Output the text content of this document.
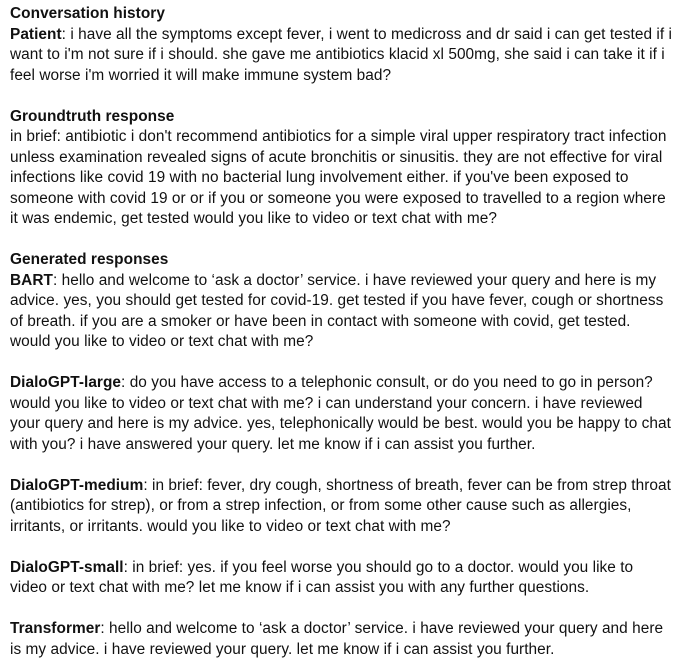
Conversation history
Patient: i have all the symptoms except fever, i went to medicross and dr said i can get tested if i want to i'm not sure if i should. she gave me antibiotics klacid xl 500mg, she said i can take it if i feel worse i'm worried it will make immune system bad?
Groundtruth response
in brief: antibiotic i don't recommend antibiotics for a simple viral upper respiratory tract infection unless examination revealed signs of acute bronchitis or sinusitis. they are not effective for viral infections like covid 19 with no bacterial lung involvement either. if you've been exposed to someone with covid 19 or or if you or someone you were exposed to travelled to a region where it was endemic, get tested would you like to video or text chat with me?
Generated responses
BART: hello and welcome to ‘ask a doctor’ service. i have reviewed your query and here is my advice. yes, you should get tested for covid-19. get tested if you have fever, cough or shortness of breath. if you are a smoker or have been in contact with someone with covid, get tested. would you like to video or text chat with me?
DialoGPT-large: do you have access to a telephonic consult, or do you need to go in person? would you like to video or text chat with me? i can understand your concern. i have reviewed your query and here is my advice. yes, telephonically would be best. would you be happy to chat with you? i have answered your query. let me know if i can assist you further.
DialoGPT-medium: in brief: fever, dry cough, shortness of breath, fever can be from strep throat (antibiotics for strep), or from a strep infection, or from some other cause such as allergies, irritants, or irritants. would you like to video or text chat with me?
DialoGPT-small: in brief: yes. if you feel worse you should go to a doctor. would you like to video or text chat with me? let me know if i can assist you with any further questions.
Transformer: hello and welcome to ‘ask a doctor’ service. i have reviewed your query and here is my advice. i have reviewed your query. let me know if i can assist you further.
